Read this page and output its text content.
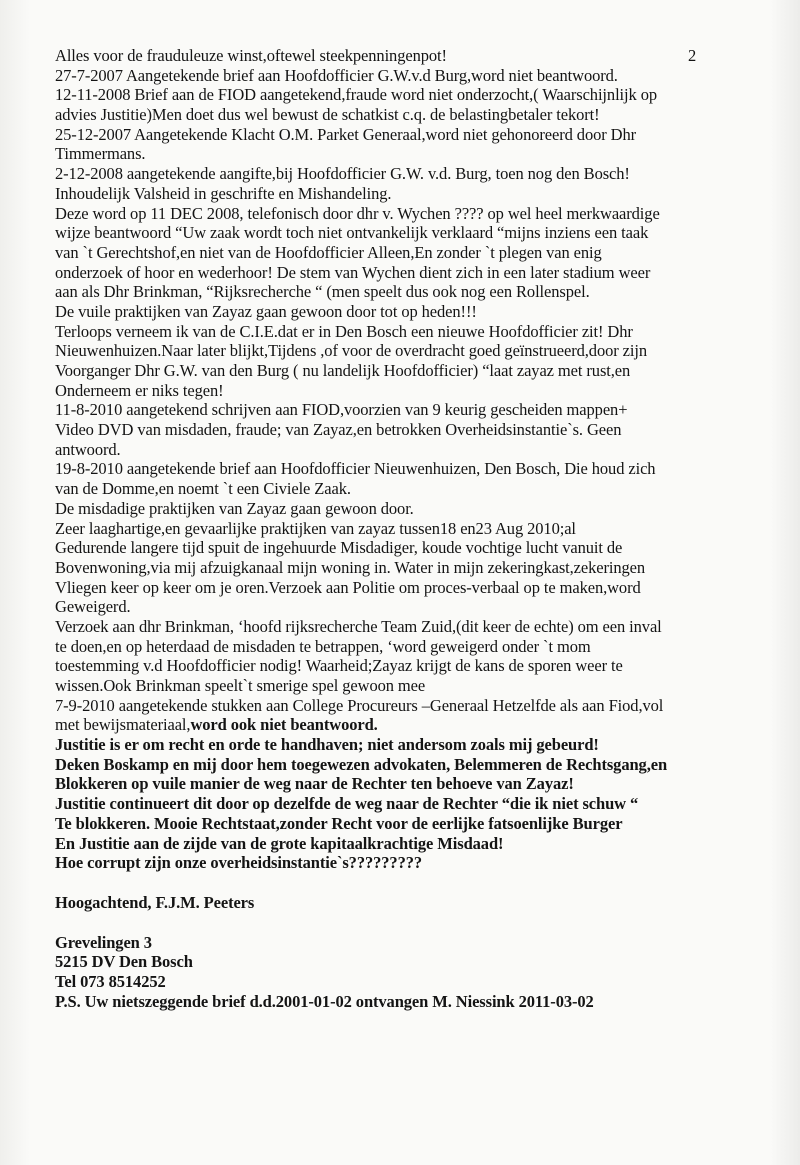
2
Alles voor de frauduleuze winst,oftewel steekpenningenpot!
27-7-2007 Aangetekende brief aan Hoofdofficier G.W.v.d Burg,word niet beantwoord.
12-11-2008 Brief aan de FIOD aangetekend,fraude word niet onderzocht,( Waarschijnlijk op
advies Justitie)Men doet dus wel bewust de schatkist c.q. de belastingbetaler tekort!
25-12-2007 Aangetekende Klacht O.M. Parket Generaal,word niet gehonoreerd door Dhr
Timmermans.
2-12-2008 aangetekende aangifte,bij Hoofdofficier G.W. v.d. Burg, toen nog den Bosch!
Inhoudelijk Valsheid in geschrifte en Mishandeling.
Deze word op 11 DEC 2008, telefonisch door dhr v. Wychen ???? op wel heel merkwaardige
wijze beantwoord “Uw zaak wordt toch niet ontvankelijk verklaard “mijns inziens een taak
van `t Gerechtshof,en niet van de Hoofdofficier Alleen,En zonder `t plegen van enig
onderzoek of hoor en wederhoor! De stem van Wychen dient zich in een later stadium weer
aan als Dhr Brinkman, “Rijksrecherche “ (men speelt dus ook nog een Rollenspel.
De vuile praktijken van Zayaz gaan gewoon door tot op heden!!!
Terloops verneem ik van de C.I.E.dat er in Den Bosch een nieuwe Hoofdofficier zit! Dhr
Nieuwenhuizen.Naar later blijkt,Tijdens ,of voor de overdracht goed geïnstrueerd,door zijn
Voorganger Dhr G.W. van den Burg ( nu landelijk Hoofdofficier) “laat zayaz met rust,en
Onderneem er niks tegen!
11-8-2010 aangetekend schrijven aan FIOD,voorzien van 9 keurig gescheiden mappen+
Video DVD van misdaden, fraude; van Zayaz,en betrokken Overheidsinstantie`s. Geen
antwoord.
19-8-2010 aangetekende brief aan Hoofdofficier Nieuwenhuizen, Den Bosch, Die houd zich
van de Domme,en noemt `t een Civiele Zaak.
De misdadige praktijken van Zayaz gaan gewoon door.
Zeer laaghartige,en gevaarlijke praktijken van zayaz tussen18 en23 Aug 2010;al
Gedurende langere tijd spuit de ingehuurde Misdadiger, koude vochtige lucht vanuit de
Bovenwoning,via mij afzuigkanaal mijn woning in. Water in mijn zekeringkast,zekeringen
Vliegen keer op keer om je oren.Verzoek aan Politie om proces-verbaal op te maken,word
Geweigerd.
Verzoek aan dhr Brinkman, ‘hoofd rijksrecherche Team Zuid,(dit keer de echte) om een inval
te doen,en op heterdaad de misdaden te betrappen, ‘word geweigerd onder `t mom
toestemming v.d Hoofdofficier nodig! Waarheid;Zayaz krijgt de kans de sporen weer te
wissen.Ook Brinkman speelt`t smerige spel gewoon mee
7-9-2010 aangetekende stukken aan College Procureurs –Generaal Hetzelfde als aan Fiod,vol
met bewijsmateriaal,word ook niet beantwoord.
Justitie is er om recht en orde te handhaven; niet andersom zoals mij gebeurd!
Deken Boskamp en mij door hem toegewezen advokaten, Belemmeren de Rechtsgang,en
Blokkeren op vuile manier de weg naar de Rechter ten behoeve van Zayaz!
Justitie continueert dit door op dezelfde de weg naar de Rechter “die ik niet schuw “
Te blokkeren. Mooie Rechtstaat,zonder Recht voor de eerlijke fatsoenlijke Burger
En Justitie aan de zijde van de grote kapitaalkrachtige Misdaad!
Hoe corrupt zijn onze overheidsinstantie`s?????????
Hoogachtend, F.J.M. Peeters
Grevelingen 3
5215 DV Den Bosch
Tel 073 8514252
P.S. Uw nietszeggende brief d.d.2001-01-02 ontvangen M. Niessink 2011-03-02
